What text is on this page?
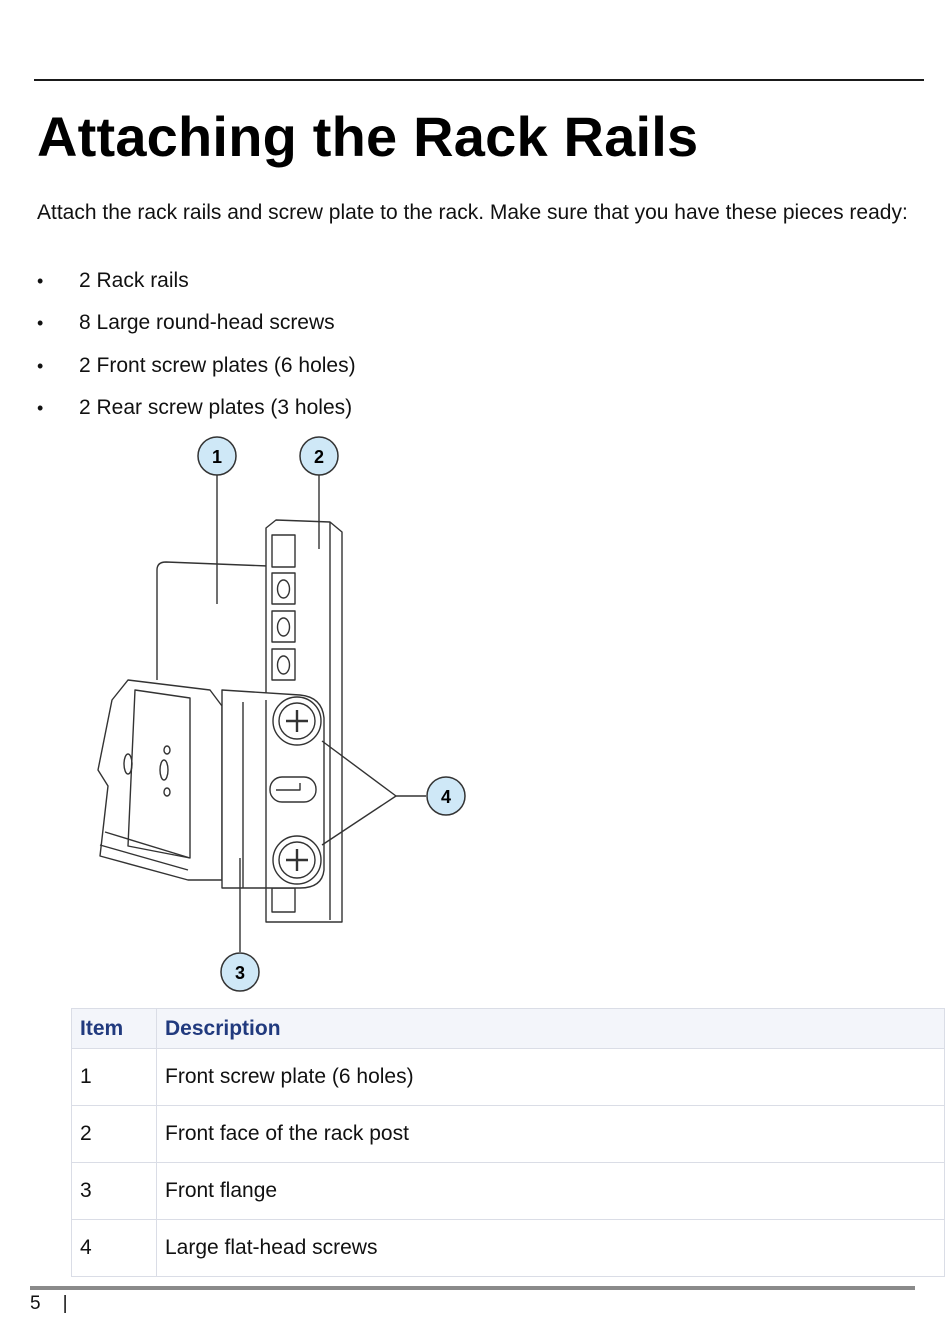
Attaching the Rack Rails

Attach the rack rails and screw plate to the rack. Make sure that you have these pieces ready:

• 2 Rack rails
• 8 Large round-head screws
• 2 Front screw plates (6 holes)
• 2 Rear screw plates (3 holes)
1	2
3
4
Item	Description
1	Front screw plate (6 holes)
2	Front face of the rack post
3	Front flange
4	Large flat-head screws
5 |
